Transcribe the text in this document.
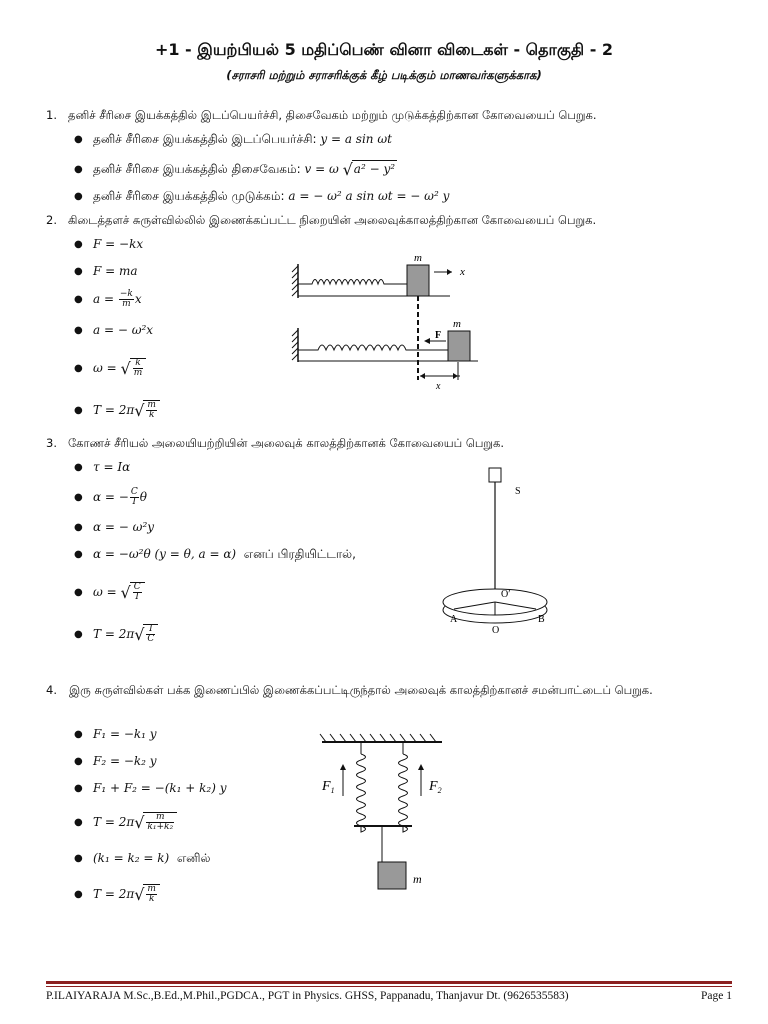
+1 - இயற்பியல் 5 மதிப்பெண் வினா விடைகள் - தொகுதி - 2
(சராசரி மற்றும் சராசரிக்குக் கீழ் படிக்கும் மாணவர்களுக்காக)
1. தனிச் சீரிசை இயக்கத்தில் இடப்பெயர்ச்சி, திசைவேகம் மற்றும் முடுக்கத்திற்கான கோவையைப் பெறுக.
● தனிச் சீரிசை இயக்கத்தில் இடப்பெயர்ச்சி: y = a sin ωt
● தனிச் சீரிசை இயக்கத்தில் திசைவேகம்: v = ω √a² − y²
● தனிச் சீரிசை இயக்கத்தில் முடுக்கம்: a = − ω² a sin ωt = − ω² y
2. கிடைத்தளச் சுருள்வில்லில் இணைக்கப்பட்ட நிறையின் அலைவுக்காலத்திற்கான கோவையைப் பெறுக.
● F = −kx
● F = ma
● $a = \frac{-k}{m}$ x
● a = − ω²x
● ω = √ $\frac{k}{m}$
● $T = 2\pi√ \frac{m}{k}$
m
x
m
F
x
3. கோணச் சீரியல் அலையியற்றியின் அலைவுக் காலத்திற்கானக் கோவையைப் பெறுக.
● τ = Iα
● α = − $\frac{C}{I}$ θ
● α = − ω²y
● α = −ω²θ (y = θ, a = α) எனப் பிரதியிட்டால்,
● ω = √ $\frac{C}{I}$
● $T = 2\pi√ \frac{I}{C}$
S
O′
A
O
B
4. இரு சுருள்வில்கள் பக்க இணைப்பில் இணைக்கப்பட்டிருந்தால் அலைவுக் காலத்திற்கானச் சமன்பாட்டைப் பெறுக.
● F₁ = −k₁ y
● F₂ = −k₂ y
● F₁ + F₂ = −(k₁ + k₂) y
● $T = 2\pi√ \frac{m}{\text{k₁+k₂}}$
● (k₁ = k₂ = k) எனில்
● $T = 2\pi√ \frac{m}{k}$
$F_1$	$F_2$
m
P.ILAIYARAJA M.Sc.,B.Ed.,M.Phil.,PGDCA., PGT in Physics. GHSS, Pappanadu, Thanjavur Dt. (9626535583)	Page 1
